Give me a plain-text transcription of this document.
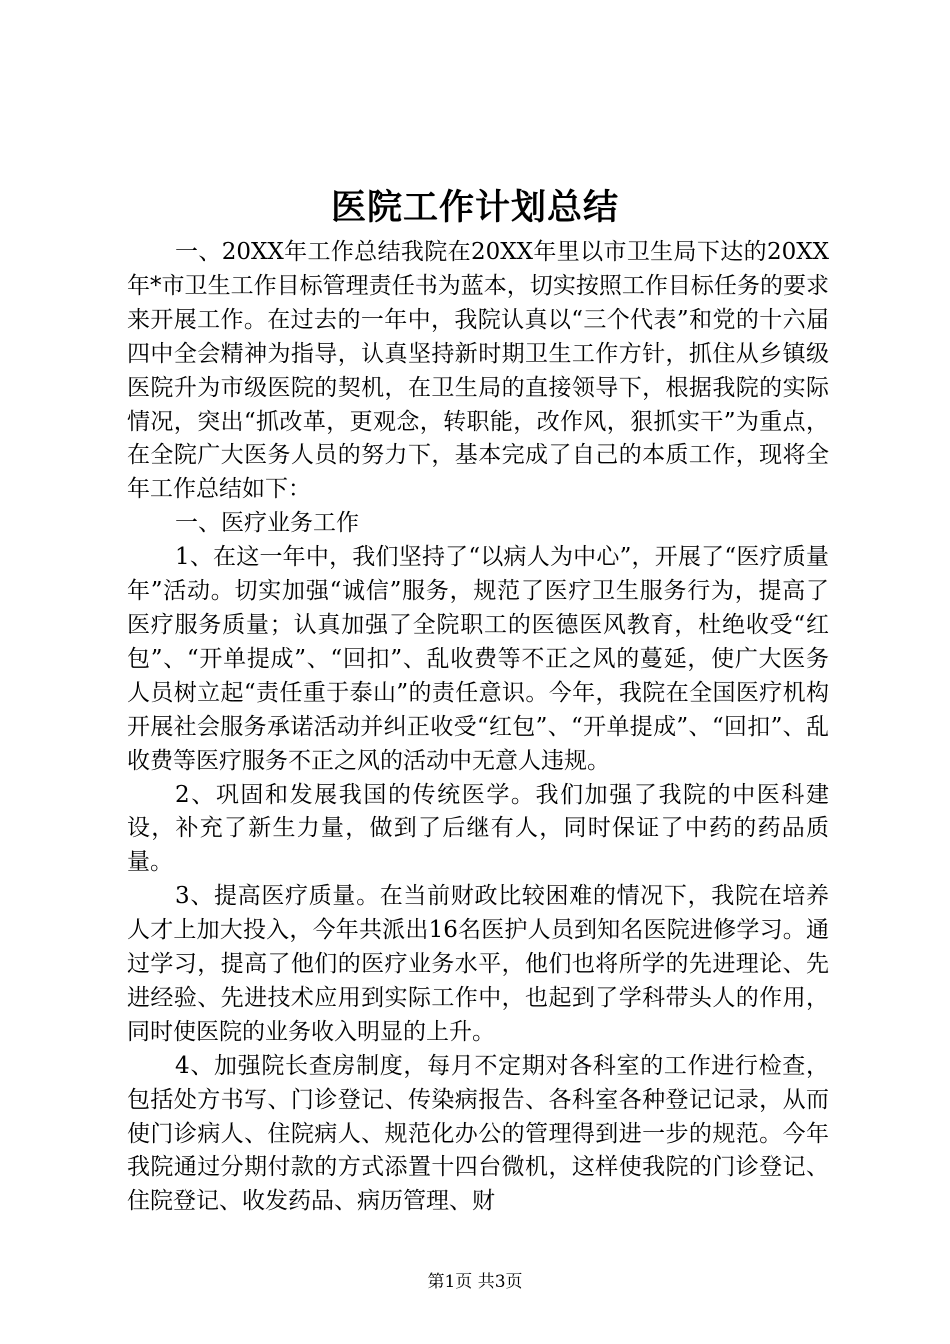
医院工作计划总结

一、20XX年工作总结我院在20XX年里以市卫生局下达的20XX年*市卫生工作目标管理责任书为蓝本，切实按照工作目标任务的要求来开展工作。在过去的一年中，我院认真以“三个代表”和党的十六届四中全会精神为指导，认真坚持新时期卫生工作方针，抓住从乡镇级医院升为市级医院的契机，在卫生局的直接领导下，根据我院的实际情况，突出“抓改革，更观念，转职能，改作风，狠抓实干”为重点，在全院广大医务人员的努力下，基本完成了自己的本质工作，现将全年工作总结如下：

一、医疗业务工作

1、在这一年中，我们坚持了“以病人为中心”，开展了“医疗质量年”活动。切实加强“诚信”服务，规范了医疗卫生服务行为，提高了医疗服务质量；认真加强了全院职工的医德医风教育，杜绝收受“红包”、“开单提成”、“回扣”、乱收费等不正之风的蔓延，使广大医务人员树立起“责任重于泰山”的责任意识。今年，我院在全国医疗机构开展社会服务承诺活动并纠正收受“红包”、“开单提成”、“回扣”、乱收费等医疗服务不正之风的活动中无意人违规。

2、巩固和发展我国的传统医学。我们加强了我院的中医科建设，补充了新生力量，做到了后继有人，同时保证了中药的药品质量。

3、提高医疗质量。在当前财政比较困难的情况下，我院在培养人才上加大投入，今年共派出16名医护人员到知名医院进修学习。通过学习，提高了他们的医疗业务水平，他们也将所学的先进理论、先进经验、先进技术应用到实际工作中，也起到了学科带头人的作用，同时使医院的业务收入明显的上升。

4、加强院长查房制度，每月不定期对各科室的工作进行检查，包括处方书写、门诊登记、传染病报告、各科室各种登记记录，从而使门诊病人、住院病人、规范化办公的管理得到进一步的规范。今年我院通过分期付款的方式添置十四台微机，这样使我院的门诊登记、住院登记、收发药品、病历管理、财

第1页 共3页
